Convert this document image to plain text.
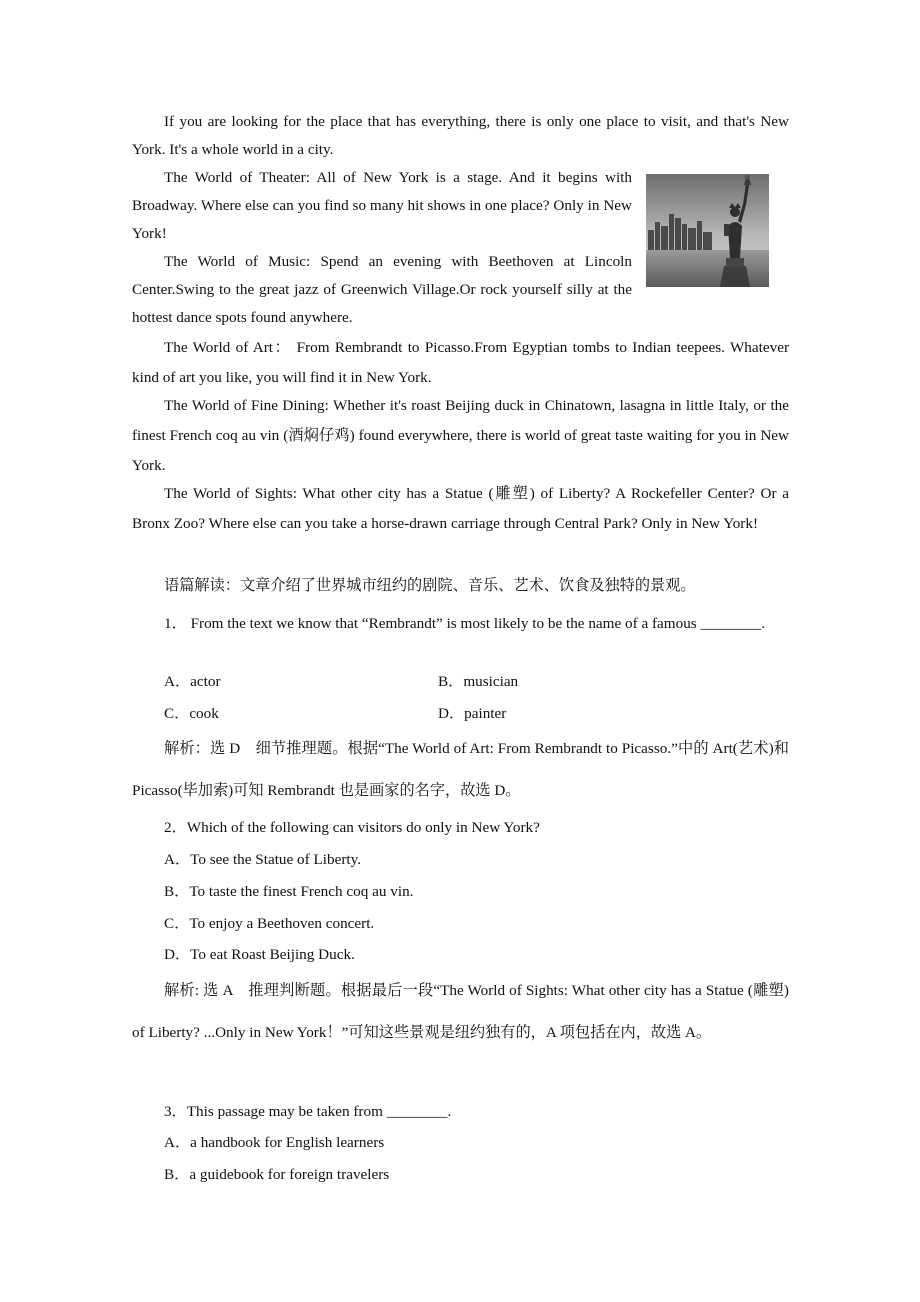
If you are looking for the place that has everything, there is only one place to visit, and that's New York. It's a whole world in a city.

The World of Theater: All of New York is a stage. And it begins with Broadway. Where else can you find so many hit shows in one place? Only in New York!

The World of Music: Spend an evening with Beethoven at Lincoln Center.Swing to the great jazz of Greenwich Village.Or rock yourself silly at the hottest dance spots found anywhere.

The World of Art： From Rembrandt to Picasso.From Egyptian tombs to Indian teepees. Whatever kind of art you like, you will find it in New York.

The World of Fine Dining: Whether it's roast Beijing duck in Chinatown, lasagna in little Italy, or the finest French coq au vin (酒焖仔鸡) found everywhere, there is world of great taste waiting for you in New York.

The World of Sights: What other city has a Statue (雕塑) of Liberty? A Rockefeller Center? Or a Bronx Zoo? Where else can you take a horse-drawn carriage through Central Park? Only in New York!

语篇解读：文章介绍了世界城市纽约的剧院、音乐、艺术、饮食及独特的景观。

1． From the text we know that “Rembrandt” is most likely to be the name of a famous ________.

A．actor	B．musician

C．cook	D．painter

解析：选 D　细节推理题。根据“The World of Art: From Rembrandt to Picasso.”中的 Art(艺术)和 Picasso(毕加索)可知 Rembrandt 也是画家的名字，故选 D。

2．Which of the following can visitors do only in New York?

A．To see the Statue of Liberty.

B．To taste the finest French coq au vin.

C．To enjoy a Beethoven concert.

D．To eat Roast Beijing Duck.

解析: 选 A　推理判断题。根据最后一段“The World of Sights: What other city has a Statue (雕塑) of Liberty? ...Only in New York！”可知这些景观是纽约独有的，A 项包括在内，故选 A。

3．This passage may be taken from ________.

A．a handbook for English learners

B．a guidebook for foreign travelers
